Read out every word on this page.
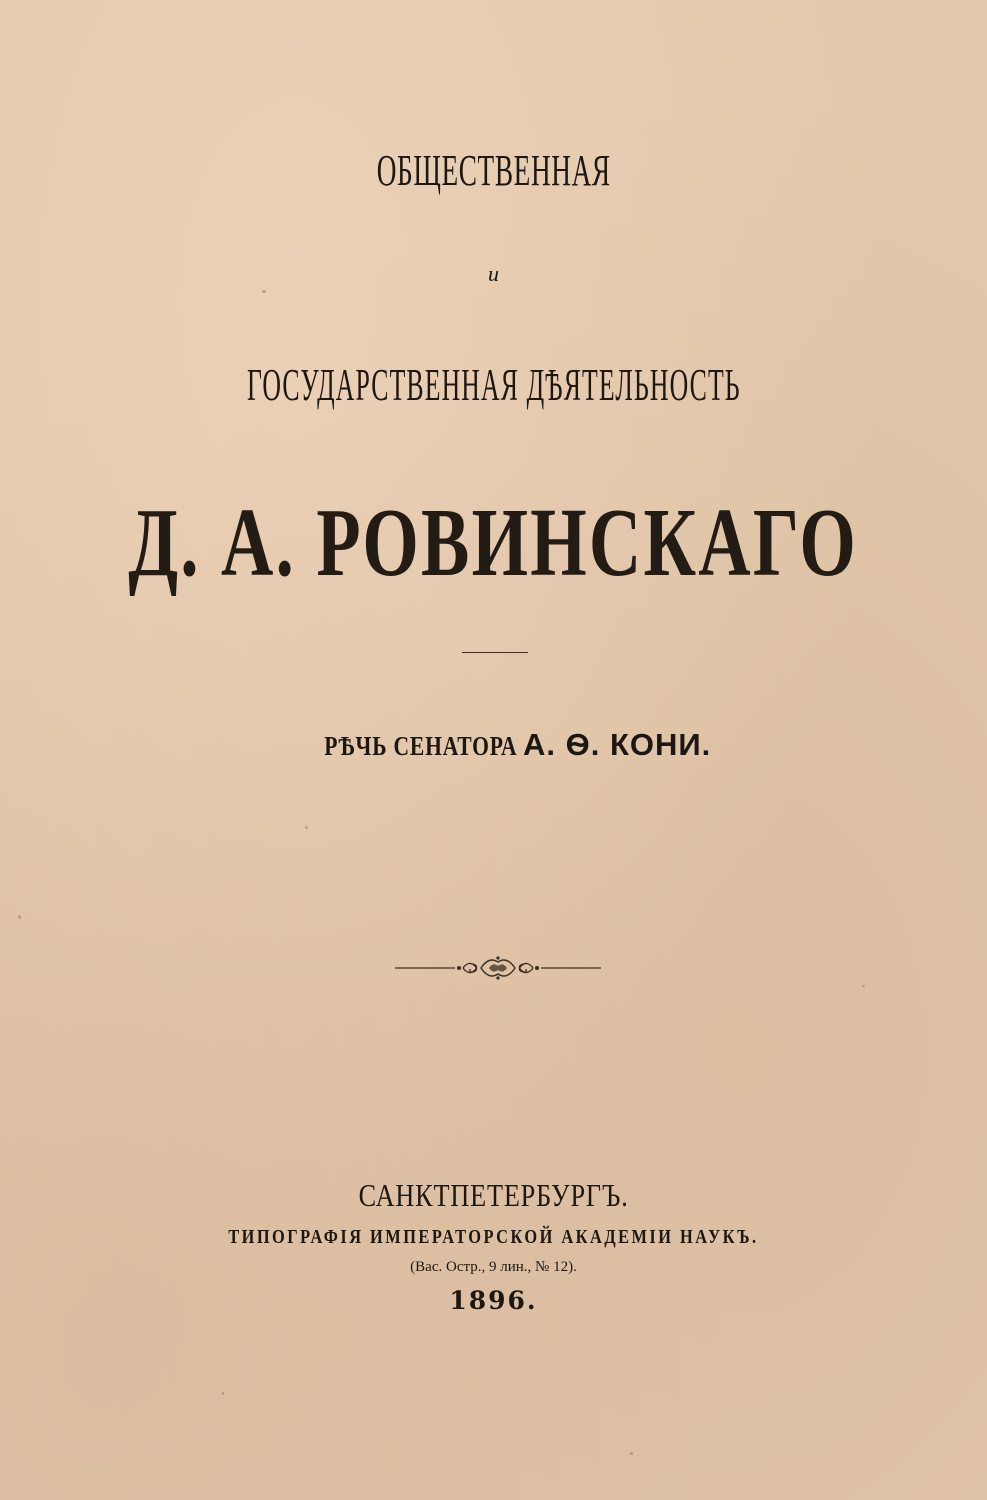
ОБЩЕСТВЕННАЯ
и
ГОСУДАРСТВЕННАЯ ДѢЯТЕЛЬНОСТЬ
Д. А. РОВИНСКАГО
РѢЧЬ СЕНАТОРА А. Ѳ. КОНИ.
САНКТПЕТЕРБУРГЪ.
ТИПОГРАФІЯ ИМПЕРАТОРСКОЙ АКАДЕМІИ НАУКЪ.
(Вас. Остр., 9 лин., № 12).
1896.
